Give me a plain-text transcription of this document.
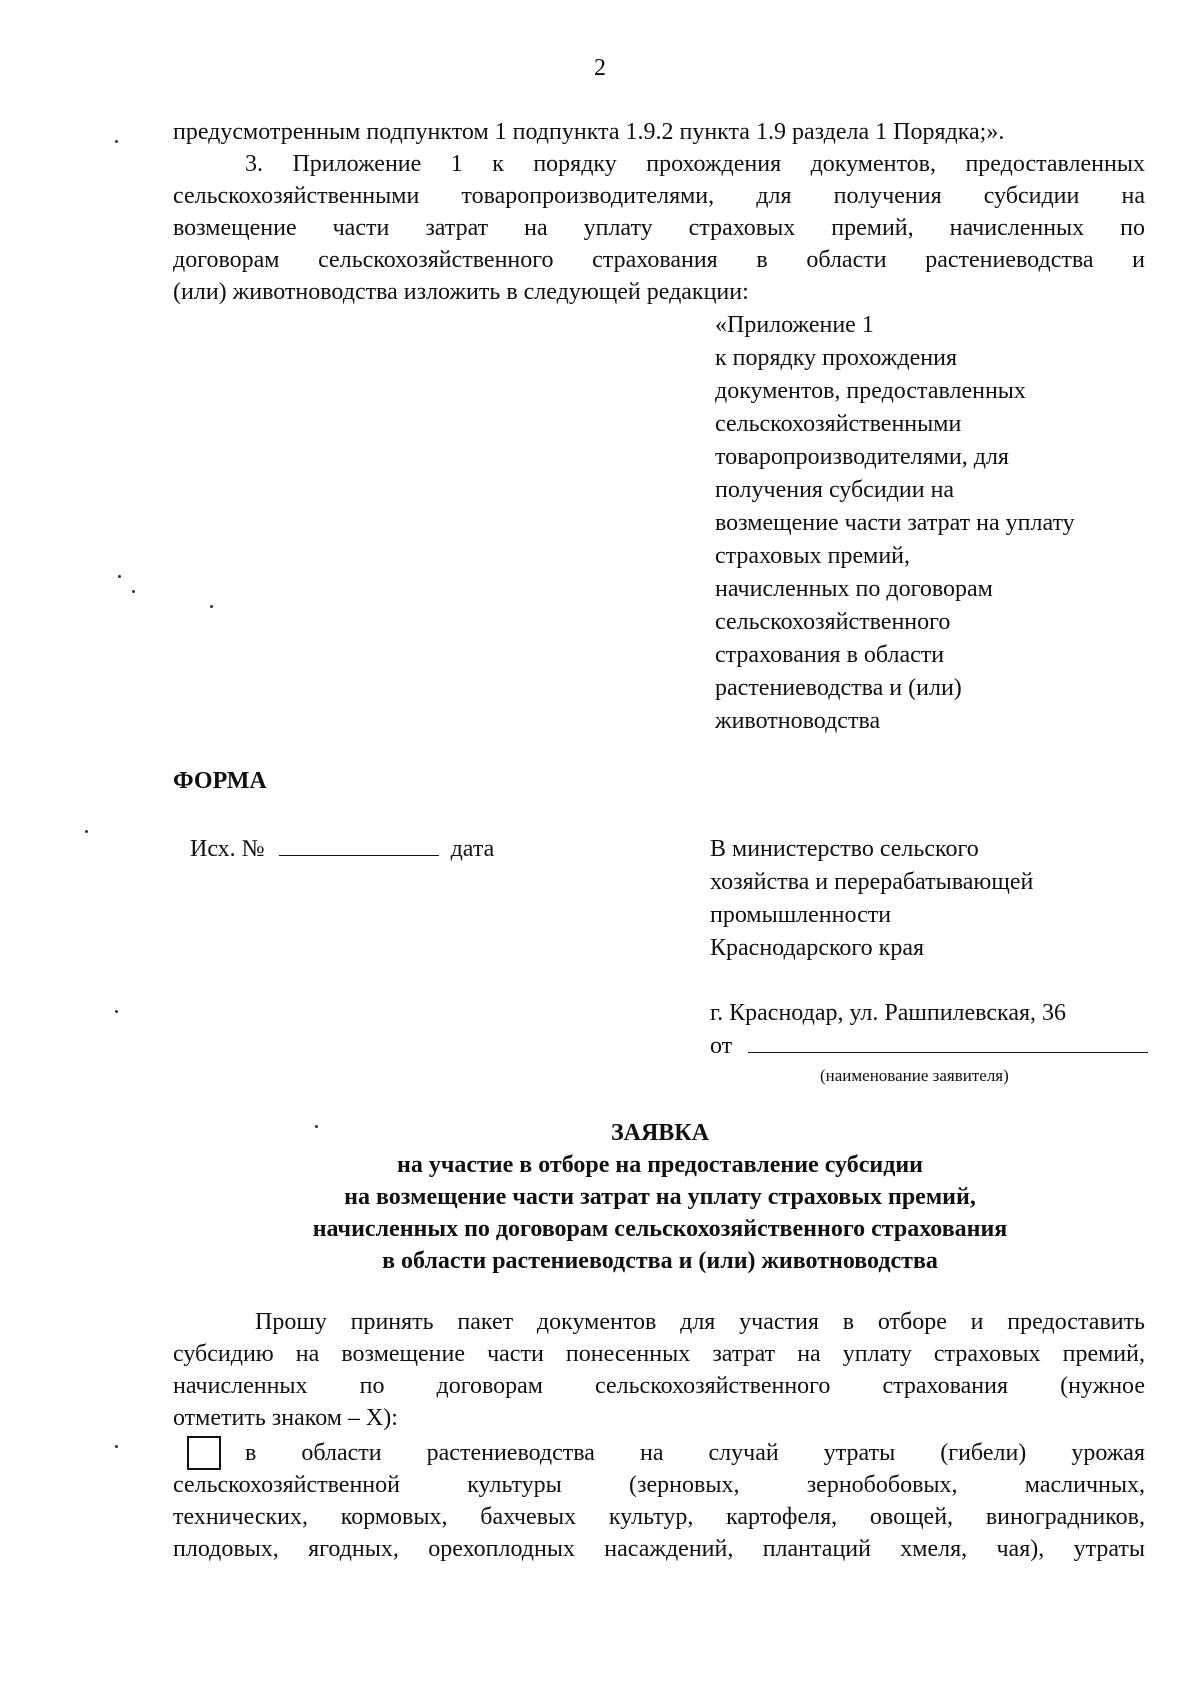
2
предусмотренным подпунктом 1 подпункта 1.9.2 пункта 1.9 раздела 1 Порядка;».
3. Приложение 1 к порядку прохождения документов, предоставленных
сельскохозяйственными товаропроизводителями, для получения субсидии на
возмещение части затрат на уплату страховых премий, начисленных по
договорам сельскохозяйственного страхования в области растениеводства и
(или) животноводства изложить в следующей редакции:
«Приложение 1
к порядку прохождения
документов, предоставленных
сельскохозяйственными
товаропроизводителями, для
получения субсидии на
возмещение части затрат на уплату
страховых премий,
начисленных по договорам
сельскохозяйственного
страхования в области
растениеводства и (или)
животноводства
ФОРМА
Исх. №	дата	В министерство сельского
хозяйства и перерабатывающей
промышленности
Краснодарского края
г. Краснодар, ул. Рашпилевская, 36
от
(наименование заявителя)
ЗАЯВКА
на участие в отборе на предоставление субсидии
на возмещение части затрат на уплату страховых премий,
начисленных по договорам сельскохозяйственного страхования
в области растениеводства и (или) животноводства
Прошу принять пакет документов для участия в отборе и предоставить
субсидию на возмещение части понесенных затрат на уплату страховых премий,
начисленных по договорам сельскохозяйственного страхования (нужное
отметить знаком – Х):
в области растениеводства на случай утраты (гибели) урожая
сельскохозяйственной культуры (зерновых, зернобобовых, масличных,
технических, кормовых, бахчевых культур, картофеля, овощей, виноградников,
плодовых, ягодных, орехоплодных насаждений, плантаций хмеля, чая), утраты
